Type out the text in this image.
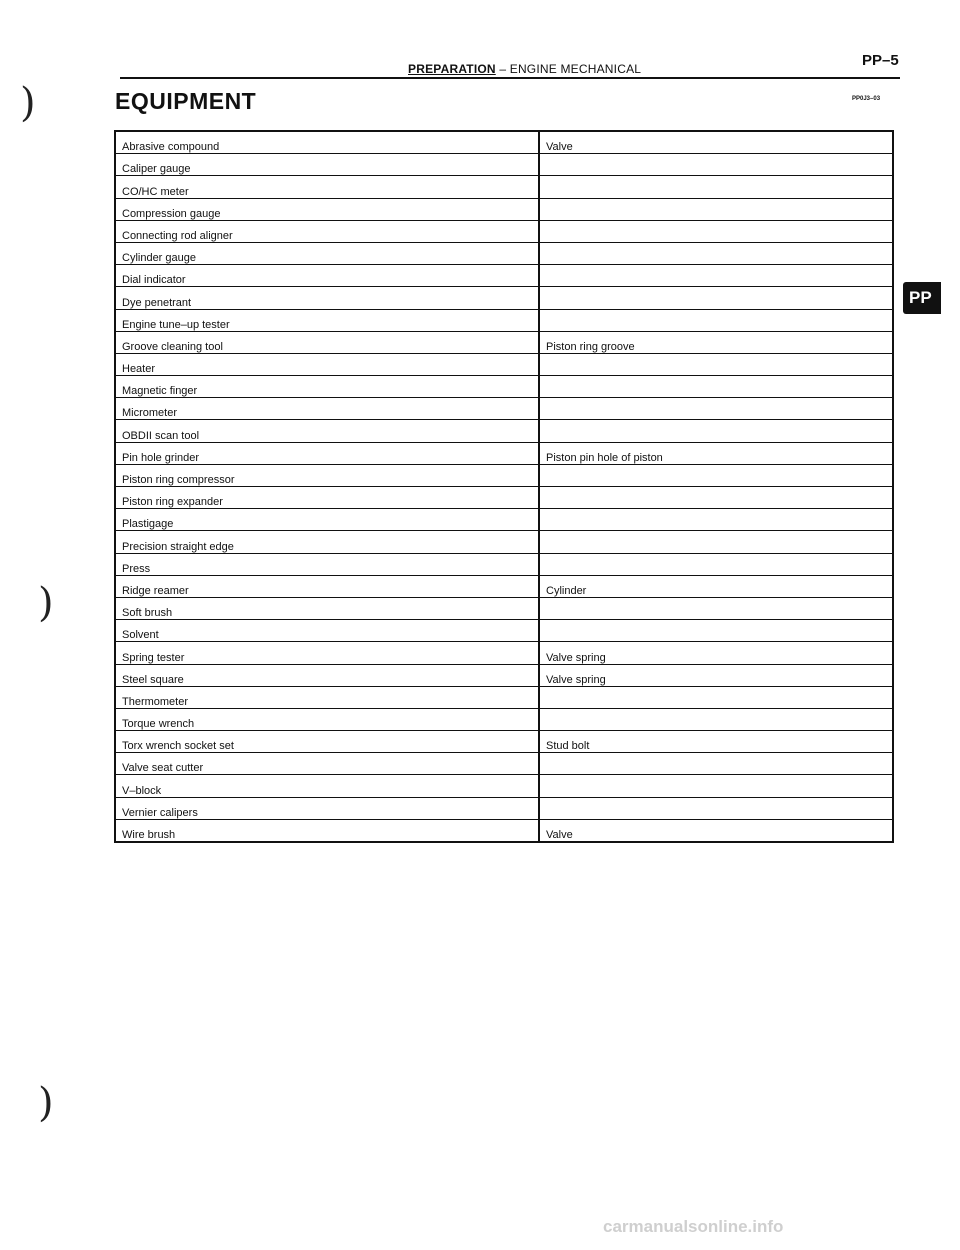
PREPARATION – ENGINE MECHANICAL	PP–5
PP0J3–03
EQUIPMENT
)
)
)
PP
Abrasive compound	Valve
Caliper gauge	
CO/HC meter	
Compression gauge	
Connecting rod aligner	
Cylinder gauge	
Dial indicator	
Dye penetrant	
Engine tune–up tester	
Groove cleaning tool	Piston ring groove
Heater	
Magnetic finger	
Micrometer	
OBDII scan tool	
Pin hole grinder	Piston pin hole of piston
Piston ring compressor	
Piston ring expander	
Plastigage	
Precision straight edge	
Press	
Ridge reamer	Cylinder
Soft brush	
Solvent	
Spring tester	Valve spring
Steel square	Valve spring
Thermometer	
Torque wrench	
Torx wrench socket set	Stud bolt
Valve seat cutter	
V–block	
Vernier calipers	
Wire brush	Valve
carmanualsonline.info
